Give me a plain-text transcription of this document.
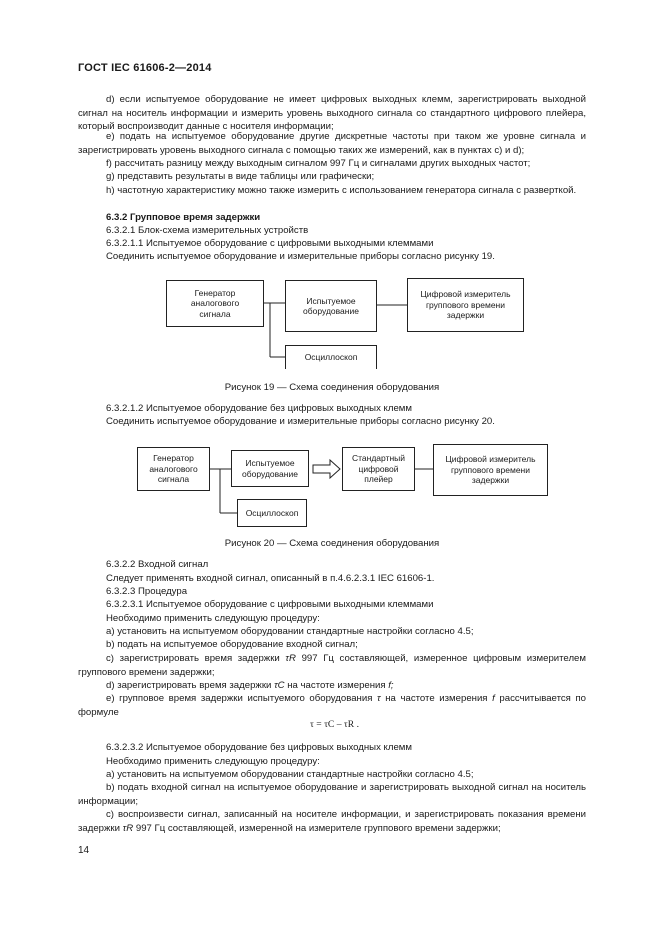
ГОСТ IEC 61606-2—2014
d) если испытуемое оборудование не имеет цифровых выходных клемм, зарегистрировать выходной сигнал на носитель информации и измерить уровень выходного сигнала со стандартного цифрового плейера, который воспроизводит данные с носителя информации;
e) подать на испытуемое оборудование другие дискретные частоты при таком же уровне сигнала и зарегистрировать уровень выходного сигнала с помощью таких же измерений, как в пунктах c) и d);
f) рассчитать разницу между выходным сигналом 997 Гц и сигналами других выходных частот;
g) представить результаты в виде таблицы или графически;
h) частотную характеристику можно также измерить с использованием генератора сигнала с разверткой.
6.3.2 Групповое время задержки
6.3.2.1 Блок-схема измерительных устройств
6.3.2.1.1 Испытуемое оборудование с цифровыми выходными клеммами
Соединить испытуемое оборудование и измерительные приборы согласно рисунку 19.
Генератор
аналогового
сигнала
Испытуемое
оборудование
Цифровой измеритель
группового времени
задержки
Осциллоскоп
Рисунок 19 — Схема соединения оборудования
6.3.2.1.2 Испытуемое оборудование без цифровых выходных клемм
Соединить испытуемое оборудование и измерительные приборы согласно рисунку 20.
Генератор
аналогового
сигнала
Испытуемое
оборудование
Стандартный
цифровой
плейер
Цифровой измеритель
группового времени
задержки
Осциллоскоп
Рисунок 20 — Схема соединения оборудования
6.3.2.2 Входной сигнал
Следует применять входной сигнал, описанный в п.4.6.2.3.1 IEC 61606-1.
6.3.2.3 Процедура
6.3.2.3.1 Испытуемое оборудование с цифровыми выходными клеммами
Необходимо применить следующую процедуру:
a) установить на испытуемом оборудовании стандартные настройки согласно 4.5;
b) подать на испытуемое оборудование входной сигнал;
c) зарегистрировать время задержки τR 997 Гц составляющей, измеренное цифровым измерителем группового времени задержки;
d) зарегистрировать время задержки τC на частоте измерения f;
e) групповое время задержки испытуемого оборудования τ на частоте измерения f рассчитывается по формуле
τ = τC – τR .
6.3.2.3.2 Испытуемое оборудование без цифровых выходных клемм
Необходимо применить следующую процедуру:
a) установить на испытуемом оборудовании стандартные настройки согласно 4.5;
b) подать входной сигнал на испытуемое оборудование и зарегистрировать выходной сигнал на носитель информации;
c) воспроизвести сигнал, записанный на носителе информации, и зарегистрировать показания времени задержки τR 997 Гц составляющей, измеренной на измерителе группового времени задержки;
14
